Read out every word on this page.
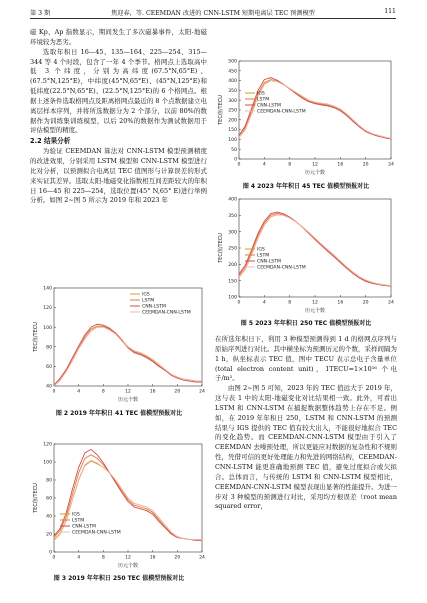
第 3 期	焦迎春，等. CEEMDAN 改进的 CNN-LSTM 短期电离层 TEC 预测模型	111

磁 Kp、Ap 指数显示，期间发生了多次磁暴事件，太阳-地磁环境较为恶劣。

选取年积日 16—45、135—164、225—254、315—344 等 4 个时段，包含了一年 4 个季节。格网点上选取高中低 3 个纬度，分别为高纬度(67.5°N,65°E)、(67.5°N,125°E)，中纬度(45°N,65°E)、(45°N,125°E)和低纬度(22.5°N,65°E)、(22.5°N,125°E)的 6 个格网点。根据上述条件选取格网点及距离格网点最近的 8 个点数据建立电离层样本序列，并将所选数据分为 2 个部分，以前 80%的数据作为训练集训练模型，以后 20%的数据作为测试数据用于评估模型的精度。

2.2 结果分析

为验证 CEEMDAN 算法对 CNN-LSTM 模型预测精度的改进效果，分别采用 LSTM 模型和 CNN-LSTM 模型进行比对分析，以预测拟合电离层 TEC 值图形与计算误差的形式来实证其差异。选取太阳-地磁变化指数相互间差距较大的年积日 16—45 和 225—254，选取位置(45° N,65° E)进行举例分析。如图 2~图 5 所示为 2019 年和 2023 年

在所选年积日下，利用 3 种模型预测得到 1 d 的格网点序列与原始序列进行对比。其中横坐标为预测历元的个数，采样间隔为 1 h，纵坐标表示 TEC 值，图中 TECU 表示总电子含量单位(total electron content unit)，1TECU=1×10¹⁶ 个电子/m²。

由图 2~图 5 可知，2023 年的 TEC 值远大于 2019 年，这与表 1 中的太阳-地磁变化对比结果相一致。此外，可看出 LSTM 和 CNN-LSTM 在捕捉数据整体趋势上存在不足。例如，在 2019 年年积日 250，LSTM 和 CNN-LSTM 的预测结果与 IGS 提供的 TEC 值有较大出入，不能很好地拟合 TEC 的变化趋势。而 CEEMDAN-CNN-LSTM 模型由于引入了 CEEMDAN 去噪预处理，所以更能应对数据的复杂性和不规则性，凭借可信的更好处理能力和先进的网络结构，CEEMDAN-CNN-LSTM 能更准确地预测 TEC 值，避免过度拟合或欠拟合。总体而言，与传统的 LSTM 和 CNN-LSTM 模型相比，CEEMDAN-CNN-LSTM 模型表现出显著的性能提升。为进一步对 3 种模型的预测进行对比，采用均方根误差（root mean squared error，

0	4	8	12	16	20	24
40
60
80
100
120
140
历元个数
TEC值/TECU
IGS
LSTM
CNN-LSTM
CEEMDAN-CNN-LSTM
图 2 2019 年年积日 41 TEC 值模型预报对比
0	4	8	12	16	20	24
0
20
40
60
80
100
120
历元个数
TEC值/TECU
IGS
LSTM
CNN-LSTM
CEEMDAN-CNN-LSTM
图 3 2019 年年积日 250 TEC 值模型预报对比
0	4	8	12	16	20	24
0
50
100
150
200
250
300
350
400
450
500
历元个数
TEC值/TECU
IGS
LSTM
CNN-LSTM
CEEMDAN-CNN-LSTM
图 4 2023 年年积日 45 TEC 值模型预报对比
0	4	8	12	16	20	24
100
150
200
250
300
350
400
历元个数
TEC值/TECU	IGS
LSTM
CNN-LSTM
CEEMDAN-CNN-LSTM
图 5 2023 年年积日 250 TEC 值模型预报对比
